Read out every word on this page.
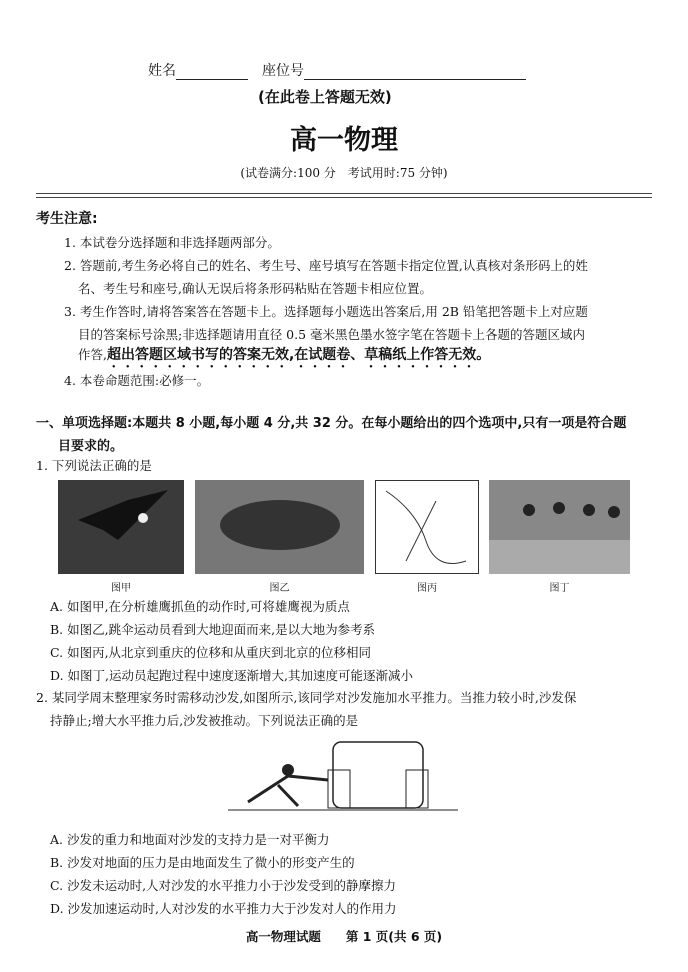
姓名　	座位号
(在此卷上答题无效)
高一物理
(试卷满分:100 分　考试用时:75 分钟)
考生注意:
1. 本试卷分选择题和非选择题两部分。
2. 答题前,考生务必将自己的姓名、考生号、座号填写在答题卡指定位置,认真核对条形码上的姓
名、考生号和座号,确认无误后将条形码粘贴在答题卡相应位置。
3. 考生作答时,请将答案答在答题卡上。选择题每小题选出答案后,用 2B 铅笔把答题卡上对应题
目的答案标号涂黑;非选择题请用直径 0.5 毫米黑色墨水签字笔在答题卡上各题的答题区域内
作答,超出答题区域书写的答案无效,在试题卷、草稿纸上作答无效。
4. 本卷命题范围:必修一。
一、单项选择题:本题共 8 小题,每小题 4 分,共 32 分。在每小题给出的四个选项中,只有一项是符合题
目要求的。
1. 下列说法正确的是
图甲	图乙	图丙	图丁
A. 如图甲,在分析雄鹰抓鱼的动作时,可将雄鹰视为质点
B. 如图乙,跳伞运动员看到大地迎面而来,是以大地为参考系
C. 如图丙,从北京到重庆的位移和从重庆到北京的位移相同
D. 如图丁,运动员起跑过程中速度逐渐增大,其加速度可能逐渐减小
2. 某同学周末整理家务时需移动沙发,如图所示,该同学对沙发施加水平推力。当推力较小时,沙发保
持静止;增大水平推力后,沙发被推动。下列说法正确的是
A. 沙发的重力和地面对沙发的支持力是一对平衡力
B. 沙发对地面的压力是由地面发生了微小的形变产生的
C. 沙发未运动时,人对沙发的水平推力小于沙发受到的静摩擦力
D. 沙发加速运动时,人对沙发的水平推力大于沙发对人的作用力
高一物理试题　　第 1 页(共 6 页)
